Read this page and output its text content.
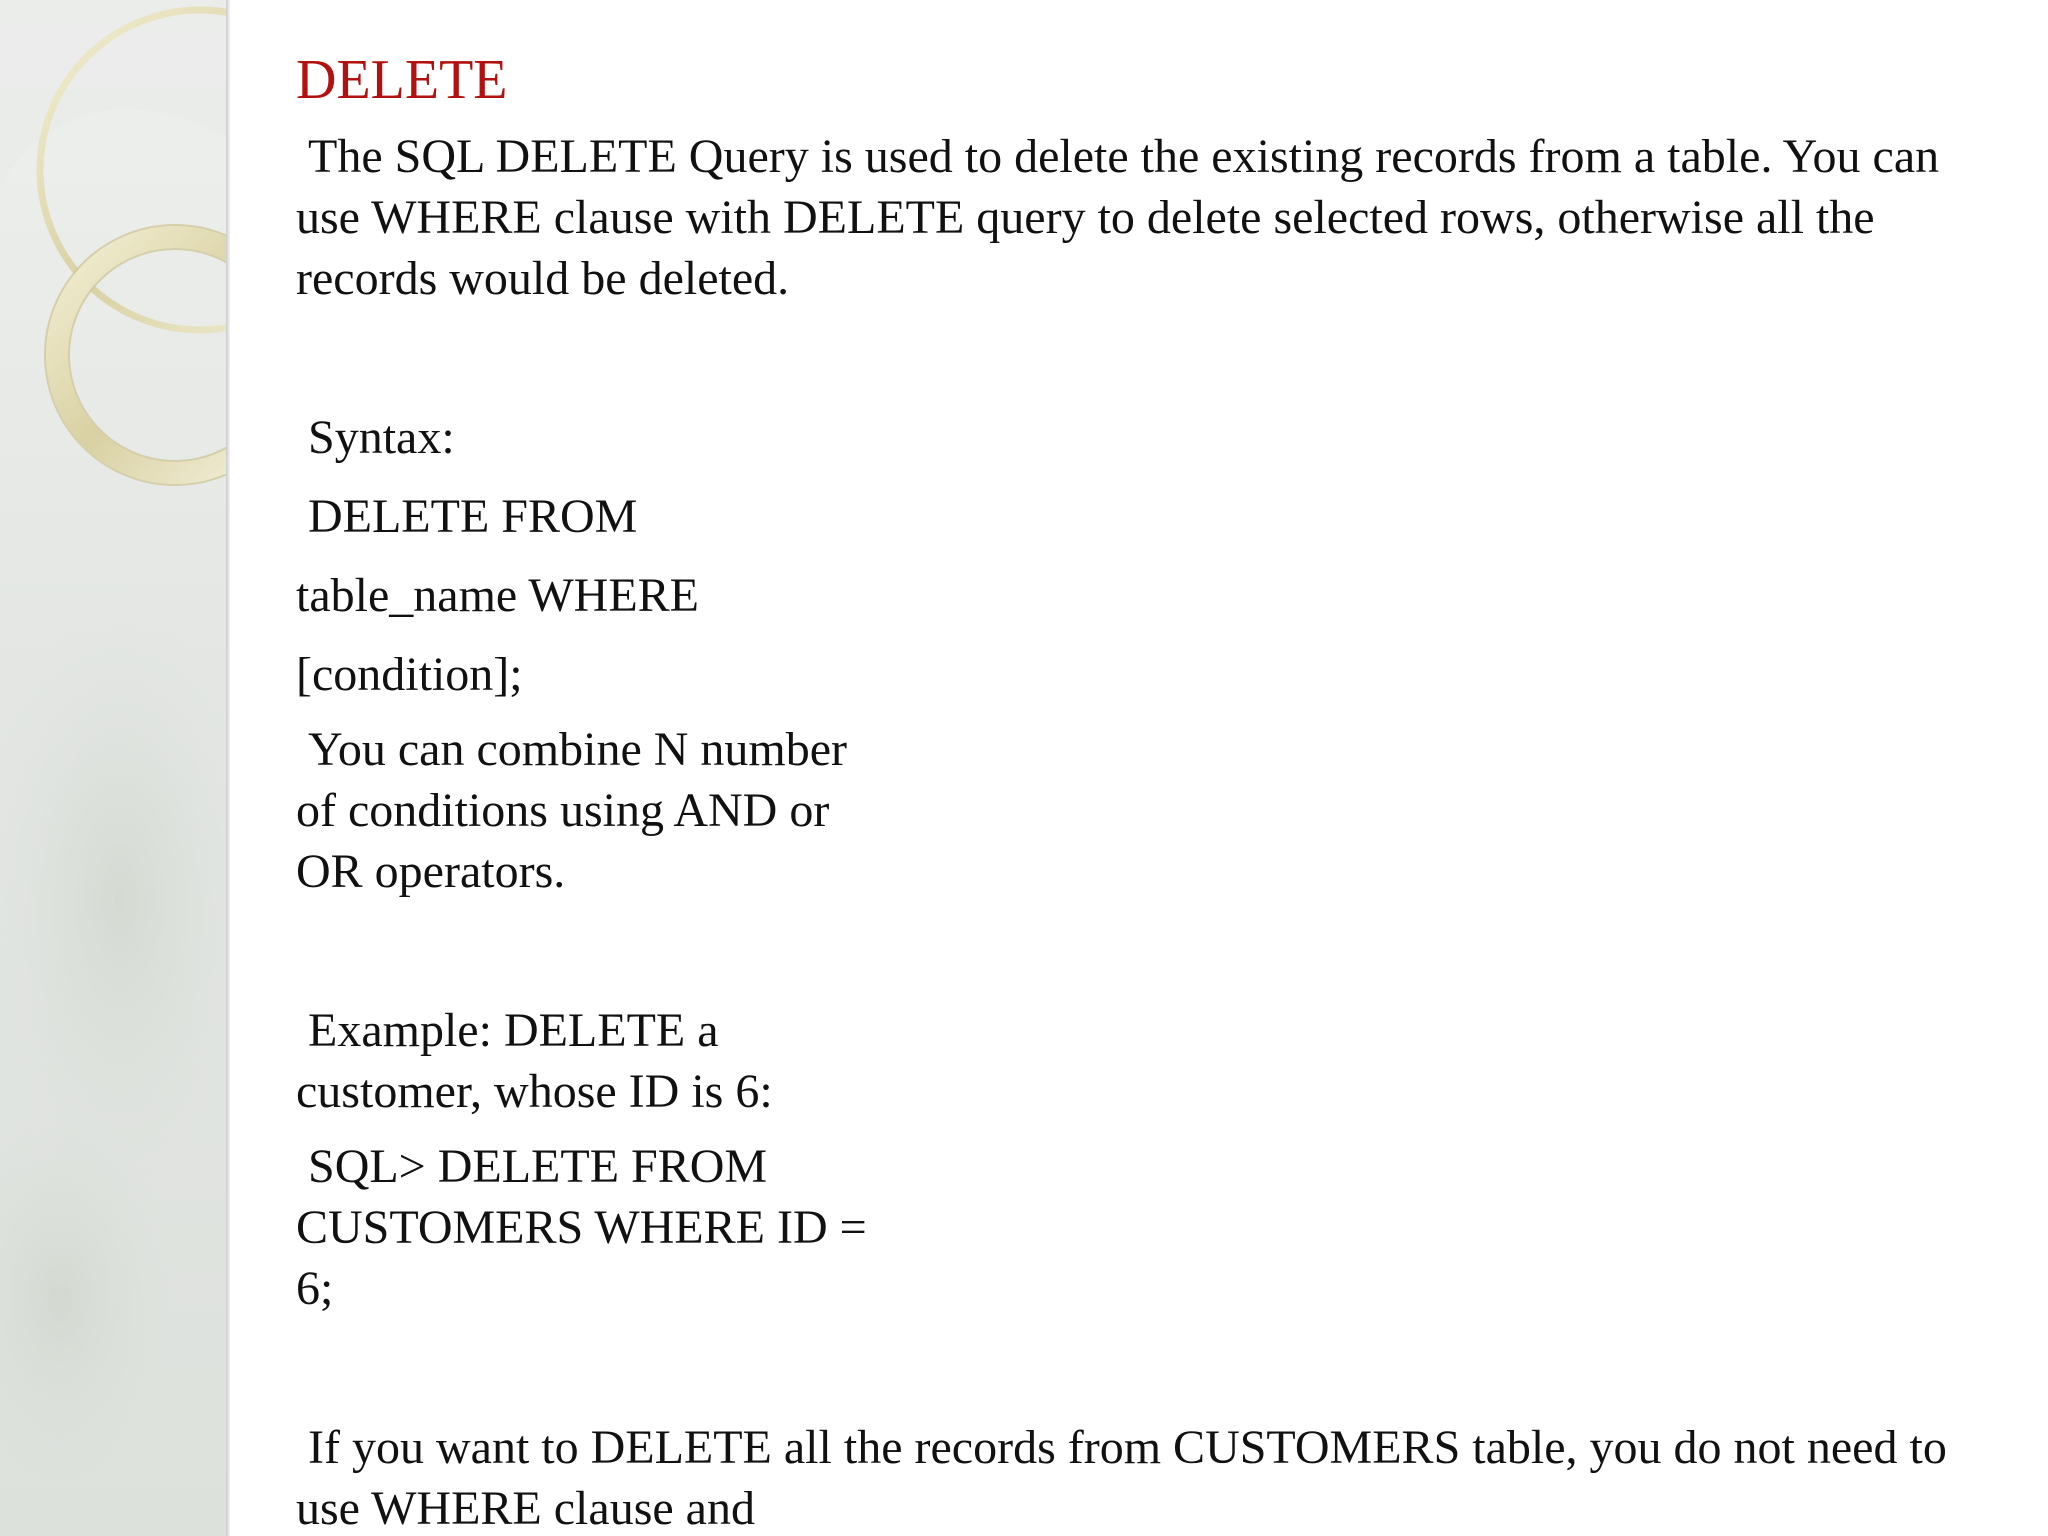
DELETE

The SQL DELETE Query is used to delete the existing records from a table. You can use WHERE clause with DELETE query to delete selected rows, otherwise all the records would be deleted.

Syntax:

DELETE FROM

table_name WHERE

[condition];

You can combine N number of conditions using AND or OR operators.

Example: DELETE a customer, whose ID is 6:

SQL> DELETE FROM CUSTOMERS WHERE ID = 6;

If you want to DELETE all the records from CUSTOMERS table, you do not need to use WHERE clause and
